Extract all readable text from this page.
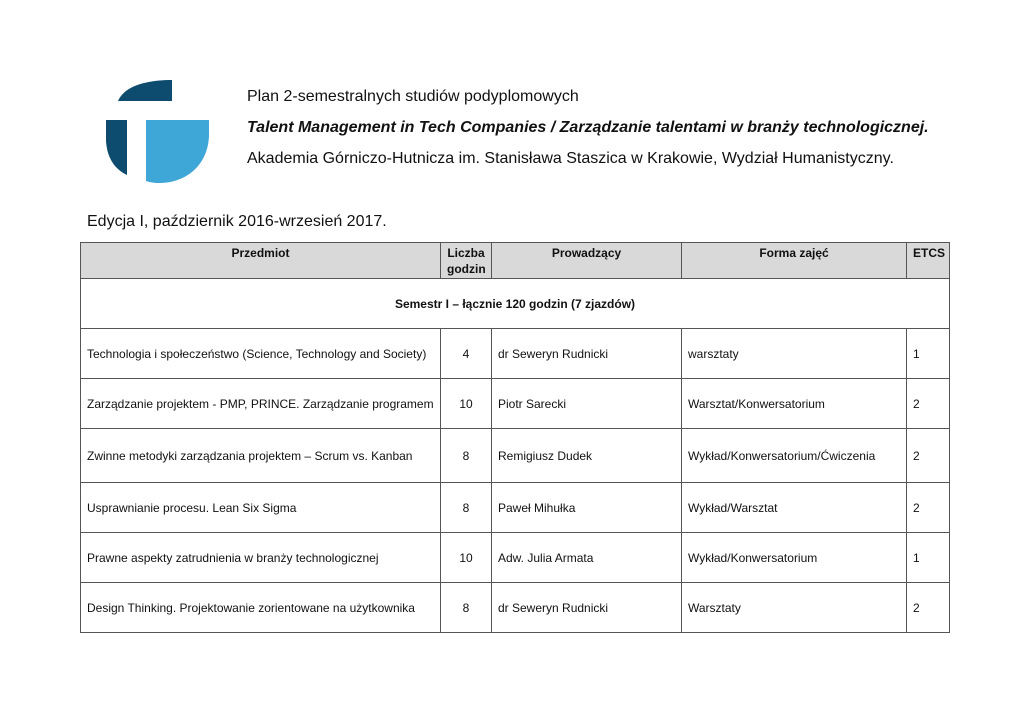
Plan 2-semestralnych studiów podyplomowych
Talent Management in Tech Companies / Zarządzanie talentami w branży technologicznej.
Akademia Górniczo-Hutnicza im. Stanisława Staszica w Krakowie, Wydział Humanistyczny.
Edycja I, październik 2016-wrzesień 2017.
Przedmiot	Liczba godzin	Prowadzący	Forma zajęć	ETCS
Semestr I – łącznie 120 godzin (7 zjazdów)				
Technologia i społeczeństwo (Science, Technology and Society)	4	dr Seweryn Rudnicki	warsztaty	1
Zarządzanie projektem - PMP, PRINCE. Zarządzanie programem	10	Piotr Sarecki	Warsztat/Konwersatorium	2
Zwinne metodyki zarządzania projektem – Scrum vs. Kanban	8	Remigiusz Dudek	Wykład/Konwersatorium/Ćwiczenia	2
Usprawnianie procesu. Lean Six Sigma	8	Paweł Mihułka	Wykład/Warsztat	2
Prawne aspekty zatrudnienia w branży technologicznej	10	Adw. Julia Armata	Wykład/Konwersatorium	1
Design Thinking. Projektowanie zorientowane na użytkownika	8	dr Seweryn Rudnicki	Warsztaty	2
